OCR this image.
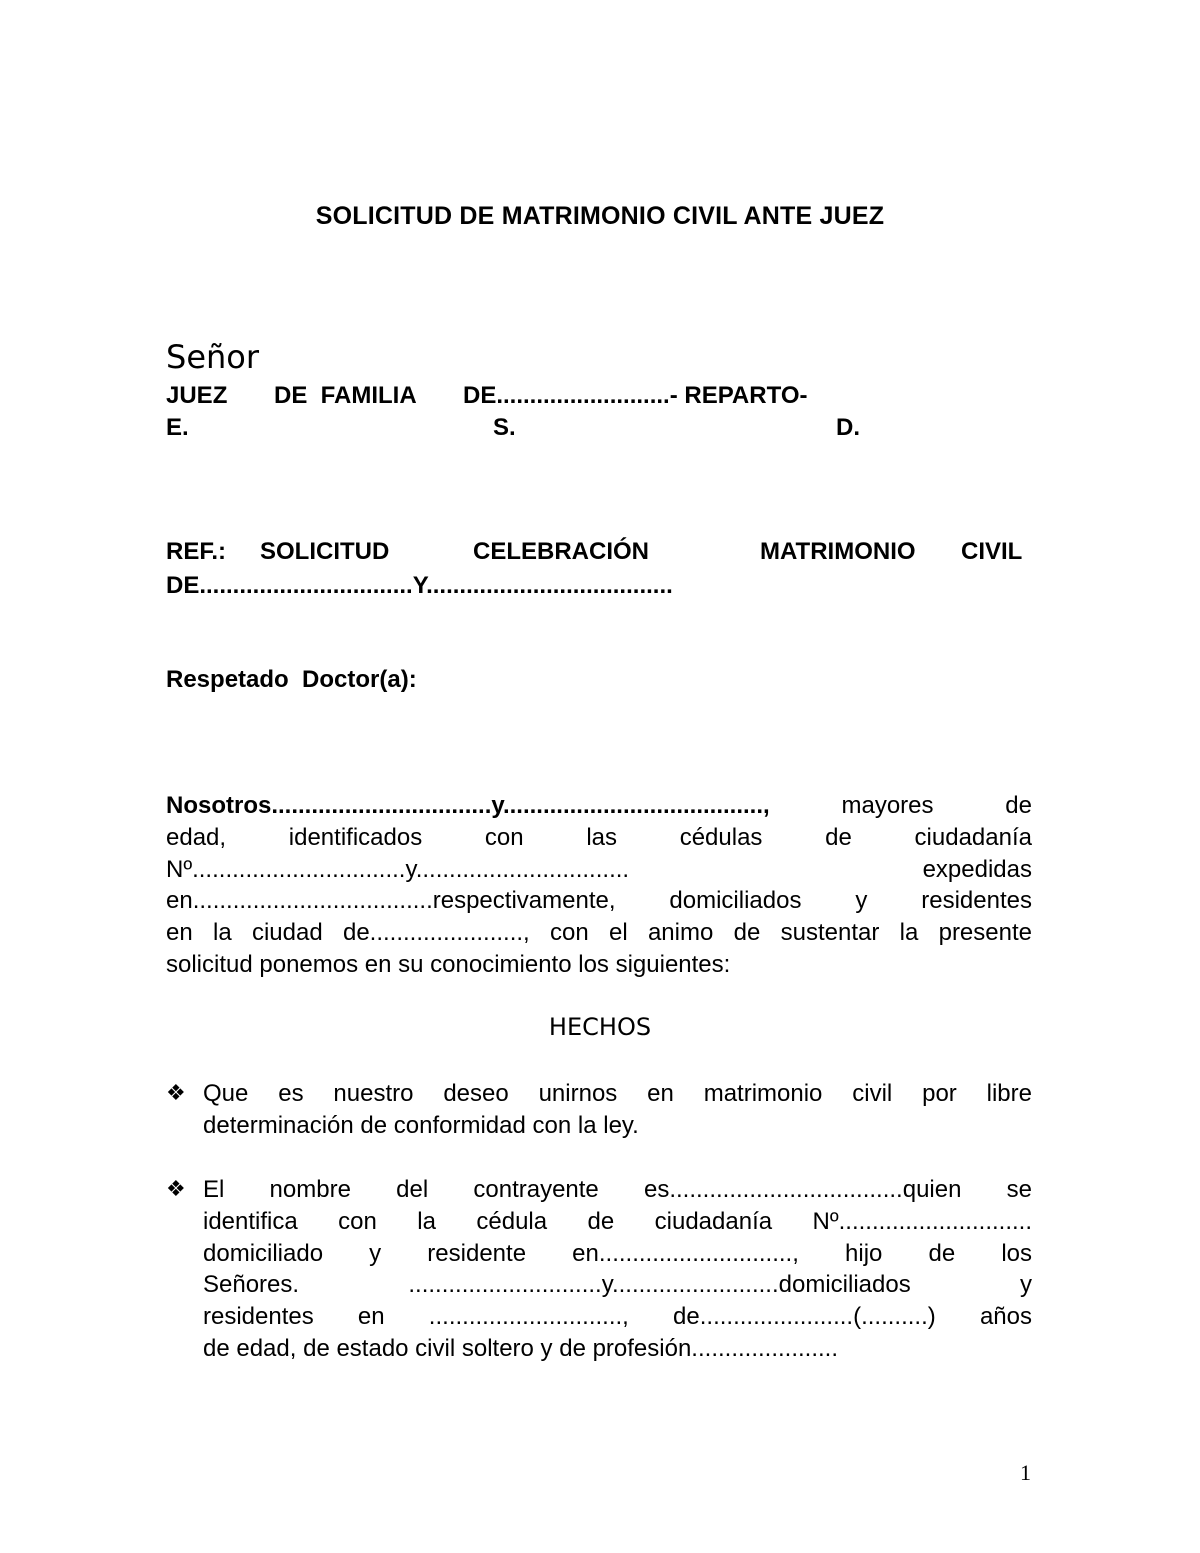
SOLICITUD DE MATRIMONIO CIVIL ANTE JUEZ
Señor
JUEZ DE  FAMILIA DE..........................- REPARTO-
E.	S.	D.
REF.: SOLICITUD	CELEBRACIÓN	MATRIMONIO CIVIL
DE................................Y.....................................
Respetado  Doctor(a):
Nosotros.................................y......................................., mayores de
edad, identificados con las cédulas de ciudadanía
Nº................................y................................ expedidas
en....................................respectivamente, domiciliados y residentes
en la ciudad de......................., con el animo de sustentar la presente
solicitud ponemos en su conocimiento los siguientes:
HECHOS
❖ Que es nuestro deseo unirnos en matrimonio civil por libre
determinación de conformidad con la ley.
❖ El nombre del contrayente es...................................quien se
identifica con la cédula de ciudadanía Nº.............................
domiciliado y residente en............................., hijo de los
Señores. .............................y.........................domiciliados y
residentes en ............................., de.......................(..........) años
de edad, de estado civil soltero y de profesión......................
1
